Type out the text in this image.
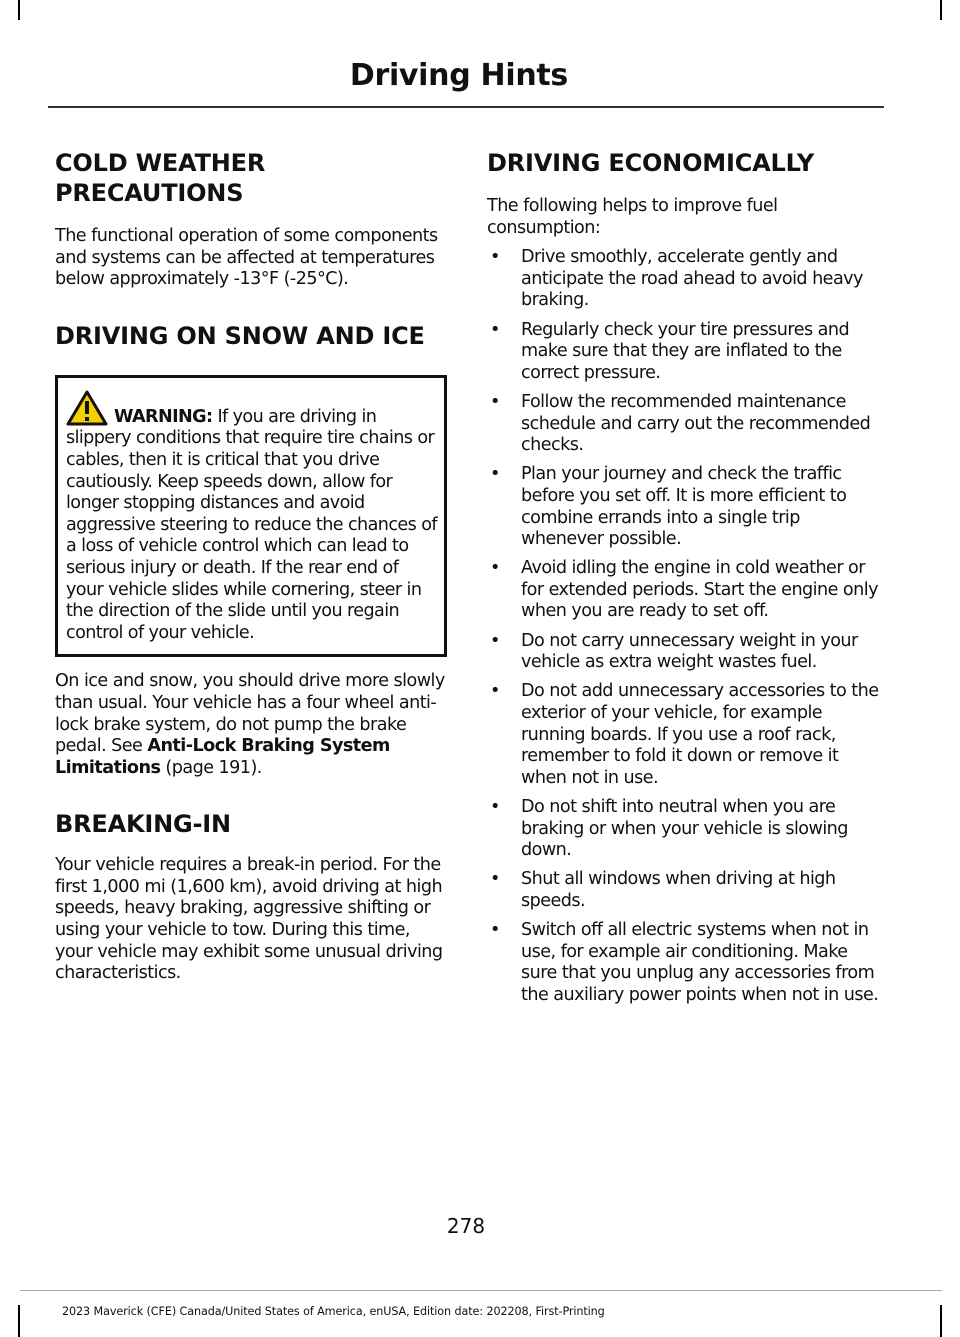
Driving Hints
COLD WEATHER
PRECAUTIONS

The functional operation of some components and systems can be affected at temperatures below approximately -13°F (-25°C).

DRIVING ON SNOW AND ICE
WARNING: If you are driving in slippery conditions that require tire chains or cables, then it is critical that you drive cautiously. Keep speeds down, allow for longer stopping distances and avoid aggressive steering to reduce the chances of a loss of vehicle control which can lead to serious injury or death. If the rear end of your vehicle slides while cornering, steer in the direction of the slide until you regain control of your vehicle.

On ice and snow, you should drive more slowly than usual. Your vehicle has a four wheel anti-lock brake system, do not pump the brake pedal. See Anti-Lock Braking System Limitations (page 191).

BREAKING-IN

Your vehicle requires a break-in period. For the first 1,000 mi (1,600 km), avoid driving at high speeds, heavy braking, aggressive shifting or using your vehicle to tow. During this time, your vehicle may exhibit some unusual driving characteristics.

DRIVING ECONOMICALLY

The following helps to improve fuel consumption:

• Drive smoothly, accelerate gently and anticipate the road ahead to avoid heavy braking.
• Regularly check your tire pressures and make sure that they are inflated to the correct pressure.
• Follow the recommended maintenance schedule and carry out the recommended checks.
• Plan your journey and check the traffic before you set off. It is more efficient to combine errands into a single trip whenever possible.
• Avoid idling the engine in cold weather or for extended periods. Start the engine only when you are ready to set off.
• Do not carry unnecessary weight in your vehicle as extra weight wastes fuel.
• Do not add unnecessary accessories to the exterior of your vehicle, for example running boards. If you use a roof rack, remember to fold it down or remove it when not in use.
• Do not shift into neutral when you are braking or when your vehicle is slowing down.
• Shut all windows when driving at high speeds.
• Switch off all electric systems when not in use, for example air conditioning. Make sure that you unplug any accessories from the auxiliary power points when not in use.
278
2023 Maverick (CFE) Canada/United States of America, enUSA, Edition date: 202208, First-Printing
